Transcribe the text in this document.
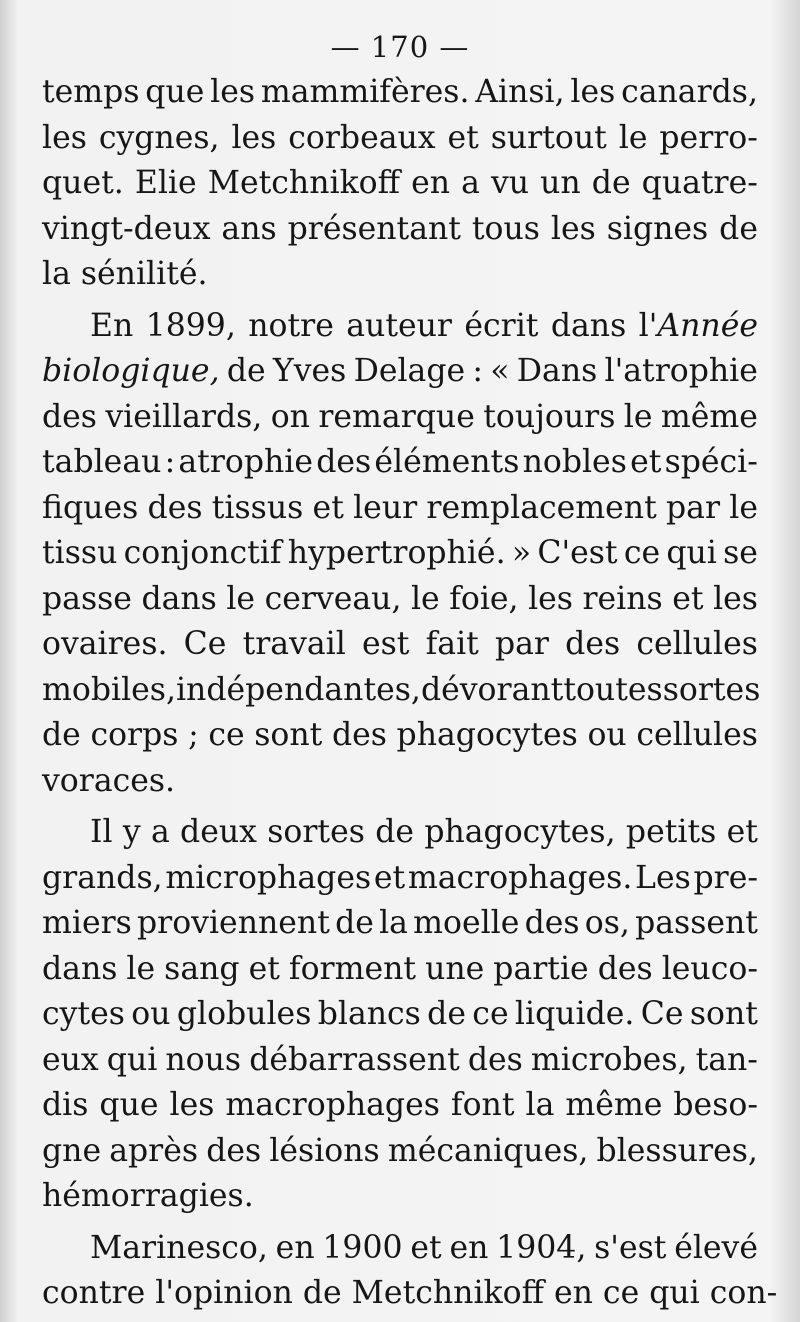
— 170 —
temps que les mammifères. Ainsi, les canards,
les cygnes, les corbeaux et surtout le perro-
quet. Elie Metchnikoff en a vu un de quatre-
vingt-deux ans présentant tous les signes de
la sénilité.
En 1899, notre auteur écrit dans l'Année
biologique, de Yves Delage : « Dans l'atrophie
des vieillards, on remarque toujours le même
tableau : atrophie des éléments nobles et spéci-
fiques des tissus et leur remplacement par le
tissu conjonctif hypertrophié. » C'est ce qui se
passe dans le cerveau, le foie, les reins et les
ovaires. Ce travail est fait par des cellules
mobiles, indépendantes, dévorant toutes sortes
de corps ; ce sont des phagocytes ou cellules
voraces.
Il y a deux sortes de phagocytes, petits et
grands, microphages et macrophages. Les pre-
miers proviennent de la moelle des os, passent
dans le sang et forment une partie des leuco-
cytes ou globules blancs de ce liquide. Ce sont
eux qui nous débarrassent des microbes, tan-
dis que les macrophages font la même beso-
gne après des lésions mécaniques, blessures,
hémorragies.
Marinesco, en 1900 et en 1904, s'est élevé
contre l'opinion de Metchnikoff en ce qui con-
